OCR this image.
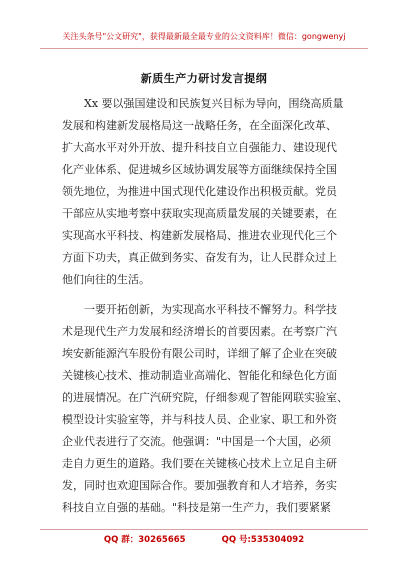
关注头条号"公文研究"，获得最新最全最专业的公文资料库！微信：gongwenyj
新质生产力研讨发言提纲

Xx 要以强国建设和民族复兴目标为导向，围绕高质量
发展和构建新发展格局这一战略任务，在全面深化改革、
扩大高水平对外开放、提升科技自立自强能力、建设现代
化产业体系、促进城乡区域协调发展等方面继续保持全国
领先地位，为推进中国式现代化建设作出积极贡献。党员
干部应从实地考察中获取实现高质量发展的关键要素，在
实现高水平科技、构建新发展格局、推进农业现代化三个
方面下功夫，真正做到务实、奋发有为，让人民群众过上
他们向往的生活。

一要开拓创新，为实现高水平科技不懈努力。科学技
术是现代生产力发展和经济增长的首要因素。在考察广汽
埃安新能源汽车股份有限公司时，详细了解了企业在突破
关键核心技术、推动制造业高端化、智能化和绿色化方面
的进展情况。在广汽研究院，仔细参观了智能网联实验室、
模型设计实验室等，并与科技人员、企业家、职工和外资
企业代表进行了交流。他强调："中国是一个大国，必须
走自力更生的道路。我们要在关键核心技术上立足自主研
发，同时也欢迎国际合作。要加强教育和人才培养，务实
科技自立自强的基础。"科技是第一生产力，我们要紧紧

QQ 群：30265665	QQ 号:535304092
